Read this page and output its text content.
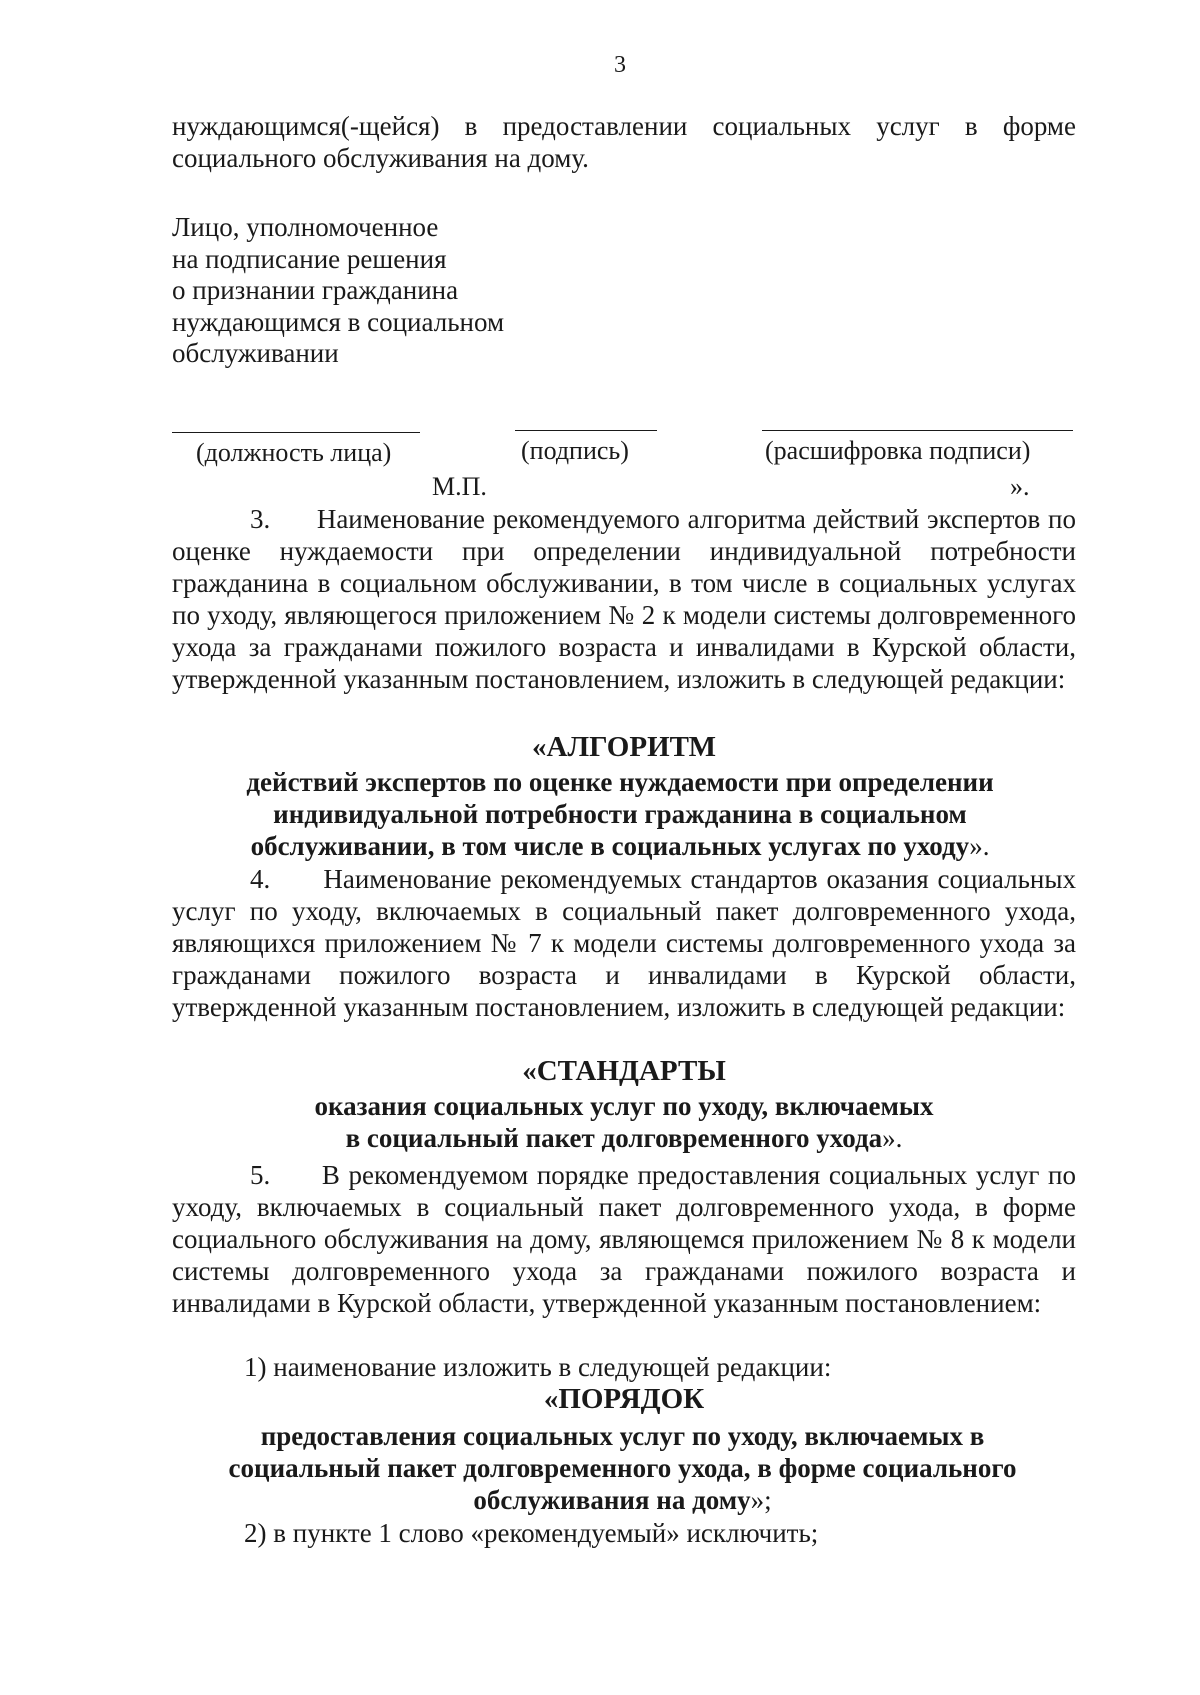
3
нуждающимся(-щейся) в предоставлении социальных услуг в форме социального обслуживания на дому.
Лицо, уполномоченное
на подписание решения
о признании гражданина
нуждающимся в социальном
обслуживании
(должность лица)	(подпись)	(расшифровка подписи)
М.П.	».
3.      Наименование рекомендуемого алгоритма действий экспертов по оценке нуждаемости при определении индивидуальной потребности гражданина в социальном обслуживании, в том числе в социальных услугах по уходу, являющегося приложением № 2 к модели системы долговременного ухода за гражданами пожилого возраста и инвалидами в Курской области, утвержденной указанным постановлением, изложить в следующей редакции:
«АЛГОРИТМ
действий экспертов по оценке нуждаемости при определении индивидуальной потребности гражданина в социальном обслуживании, в том числе в социальных услугах по уходу».
4.      Наименование рекомендуемых стандартов оказания социальных услуг по уходу, включаемых в социальный пакет долговременного ухода, являющихся приложением № 7 к модели системы долговременного ухода за гражданами пожилого возраста и инвалидами в Курской области, утвержденной указанным постановлением, изложить в следующей редакции:
«СТАНДАРТЫ
оказания социальных услуг по уходу, включаемых
в социальный пакет долговременного ухода».
5.      В рекомендуемом порядке предоставления социальных услуг по уходу, включаемых в социальный пакет долговременного ухода, в форме социального обслуживания на дому, являющемся приложением № 8 к модели системы долговременного ухода за гражданами пожилого возраста и инвалидами в Курской области, утвержденной указанным постановлением:
1) наименование изложить в следующей редакции:
«ПОРЯДОК
предоставления социальных услуг по уходу, включаемых в социальный пакет долговременного ухода, в форме социального обслуживания на дому»;
2) в пункте 1 слово «рекомендуемый» исключить;
